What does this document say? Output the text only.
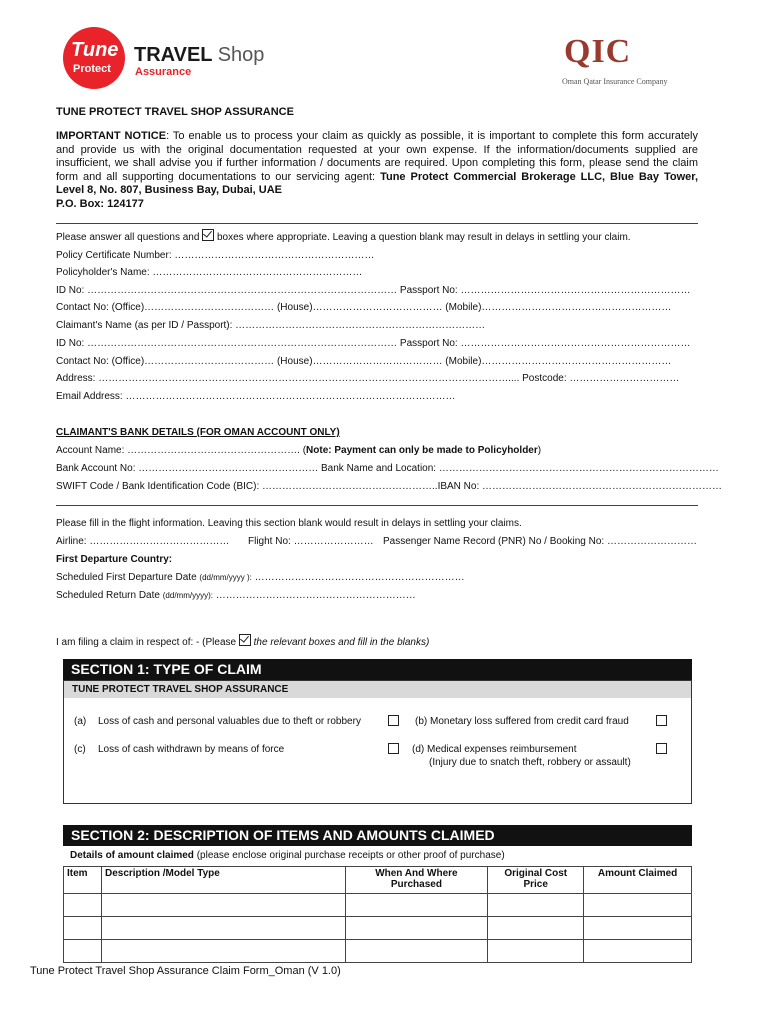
Tune
Protect
TRAVEL Shop
Assurance
QIC
Oman Qatar Insurance Company
TUNE PROTECT TRAVEL SHOP ASSURANCE
IMPORTANT NOTICE: To enable us to process your claim as quickly as possible, it is important to complete this form accurately and provide us with the original documentation requested at your own expense. If the information/documents supplied are insufficient, we shall advise you if further information / documents are required. Upon completing this form, please send the claim form and all supporting documentations to our servicing agent: Tune Protect Commercial Brokerage LLC, Blue Bay Tower, Level 8, No. 807, Business Bay, Dubai, UAE
P.O. Box: 124177
Please answer all questions and boxes where appropriate. Leaving a question blank may result in delays in settling your claim.
Policy Certificate Number: ……………………………………………………
Policyholder's Name: ………………………………………………………
ID No: ………………………………………………………………………………… Passport No: ……………………………………………………………
Contact No: (Office)………………………………… (House)………………………………… (Mobile)…………………………………………………
Claimant's Name (as per ID / Passport): …………………………………………………………………
ID No: ………………………………………………………………………………… Passport No: ……………………………………………………………
Contact No: (Office)………………………………… (House)………………………………… (Mobile)…………………………………………………
Address: …………………………………………………………………………………………………………….... Postcode: ……………………………
Email Address: ………………………………………………………………………………………
CLAIMANT'S BANK DETAILS (FOR OMAN ACCOUNT ONLY)
Account Name: ……………………………………………. (Note: Payment can only be made to Policyholder)
Bank Account No: ……………………………………………… Bank Name and Location: …………………………………………………………………………
SWIFT Code / Bank Identification Code (BIC): ……………………………………………..IBAN No: ………………………………………………………………
Please fill in the flight information. Leaving this section blank would result in delays in settling your claims.
Airline: …………………………………… Flight No: …………………… Passenger Name Record (PNR) No / Booking No: ………………………
First Departure Country:
Scheduled First Departure Date (dd/mm/yyyy ): ………………………………………………………
Scheduled Return Date (dd/mm/yyyy): ……………………………………………………
I am filing a claim in respect of: - (Please the relevant boxes and fill in the blanks)
SECTION 1: TYPE OF CLAIM
TUNE PROTECT TRAVEL SHOP ASSURANCE
(a) Loss of cash and personal valuables due to theft or robbery	(b) Monetary loss suffered from credit card fraud
(c) Loss of cash withdrawn by means of force	(d) Medical expenses reimbursement
(Injury due to snatch theft, robbery or assault)
SECTION 2: DESCRIPTION OF ITEMS AND AMOUNTS CLAIMED
Details of amount claimed (please enclose original purchase receipts or other proof of purchase)
Item	Description /Model Type	When And Where Purchased	Original Cost Price	Amount Claimed

Tune Protect Travel Shop Assurance Claim Form_Oman (V 1.0)
